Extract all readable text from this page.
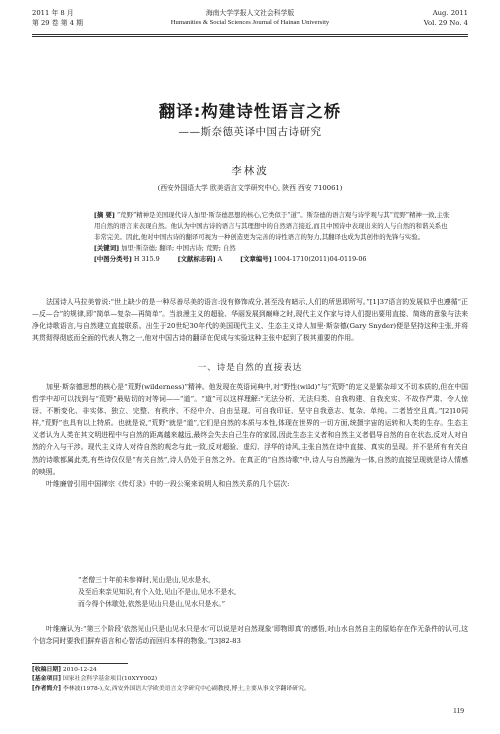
2011 年 8 月
第 29 卷 第 4 期
海南大学学报人文社会科学版
Humanities & Social Sciences Journal of Hainan University
Aug. 2011
Vol. 29 No. 4
翻译:构建诗性语言之桥
——斯奈德英译中国古诗研究
李林波
(西安外国语大学 欧美语言文学研究中心, 陕西 西安 710061)

[摘 要] “荒野”精神是美国现代诗人加里·斯奈德思想的核心,它类似于“道”。斯奈德的语言观与诗学观与其“荒野”精神一致,主张用自然的语言来表现自然。他认为中国古诗的语言与其理想中的自然语言接近,而且中国诗中表现出来的人与自然的和谐关系也非常完美。因此,他对中国古诗的翻译可视为一种创造更为完善的诗性语言的努力,其翻译也成为其创作的先锋与实验。

[关键词] 加里·斯奈德; 翻译; 中国古诗; 荒野; 自然

[中图分类号] H 315.9	[文献标志码] A	[文章编号] 1004-1710(2011)04-0119-06

法国诗人马拉美曾说:“世上缺少的是一种尽善尽美的语言:没有修饰成分,甚至没有暗示,人们的所思即所写。”[1]37语言的发展似乎也遵循“正—反—合”的规律,即“简单—复杂—再简单”。当浪漫主义的超验、华丽发展到巅峰之时,现代主义作家与诗人们提出要用直接、简练的意象与法来净化诗歌语言,与自然建立直接联系。出生于20世纪30年代的美国现代主义、生态主义诗人加里·斯奈德(Gary Snyder)便是坚持这种主张,并将其贯彻得彻底而全面的代表人物之一,他对中国古诗的翻译在促成与实验这种主张中起到了极其重要的作用。

一、诗是自然的直接表达

加里·斯奈德思想的核心是“荒野(wilderness)”精神。他发现在英语词典中,对“野性(wild)”与“荒野”的定义是繁杂却又不切本质的,但在中国哲学中却可以找到与“荒野”最贴切的对等词——“道”。“道”可以这样理解:“无法分析、无法归类、自我构建、自我充实、不故作严肃、令人惊讶、不断变化、非实体、独立、完整、有秩序、不经中介、自由呈现、可自我印证、坚守自我意志、复杂、单纯。二者皆空且真。”[2]10同样,“荒野”也具有以上特质。也就是说,“荒野”就是“道”,它们是自然的本质与本性,体现在世界的一切方面,统摄宇宙的运转和人类的生存。生态主义者认为人类在其文明进程中与自然的距离越来越远,最终会失去自己生存的家园,因此生态主义者和自然主义者倡导自然的自在状态,反对人对自然的介入与干涉。现代主义诗人对待自然的观念与此一致,反对超验、虚幻、浮华的诗风,主张自然在诗中直接、真实的呈现。并不是所有有关自然的诗歌都属此类,有些诗仅仅是“有关自然”,诗人仍处于自然之外。在真正的“自然诗歌”中,诗人与自然融为一体,自然的直接呈现就是诗人情感的映照。

叶维廉曾引用中国禅宗《传灯录》中的一段公案来说明人和自然关系的几个层次:

“老僧三十年前未参禅时,见山是山,见水是水,

及至后来亲见知识,有个入处,见山不是山,见水不是水,

而今得个休歇处,依然是见山只是山,见水只是水。”

叶维廉认为:“第三个阶段‘依然见山只是山见水只是水’可以说是对自然现象‘即物即真’的感悟,对山水自然自主的原始存在作无条件的认可,这个信念同时要我们摒弃语言和心智活动而回归本样的物象。”[3]82-83

[收稿日期] 2010-12-24

[基金项目] 国家社会科学基金项目(10XYY002)

[作者简介] 李林波(1978-),女,西安外国语大学欧美语言文学研究中心副教授,博士,主要从事文学翻译研究。

119
